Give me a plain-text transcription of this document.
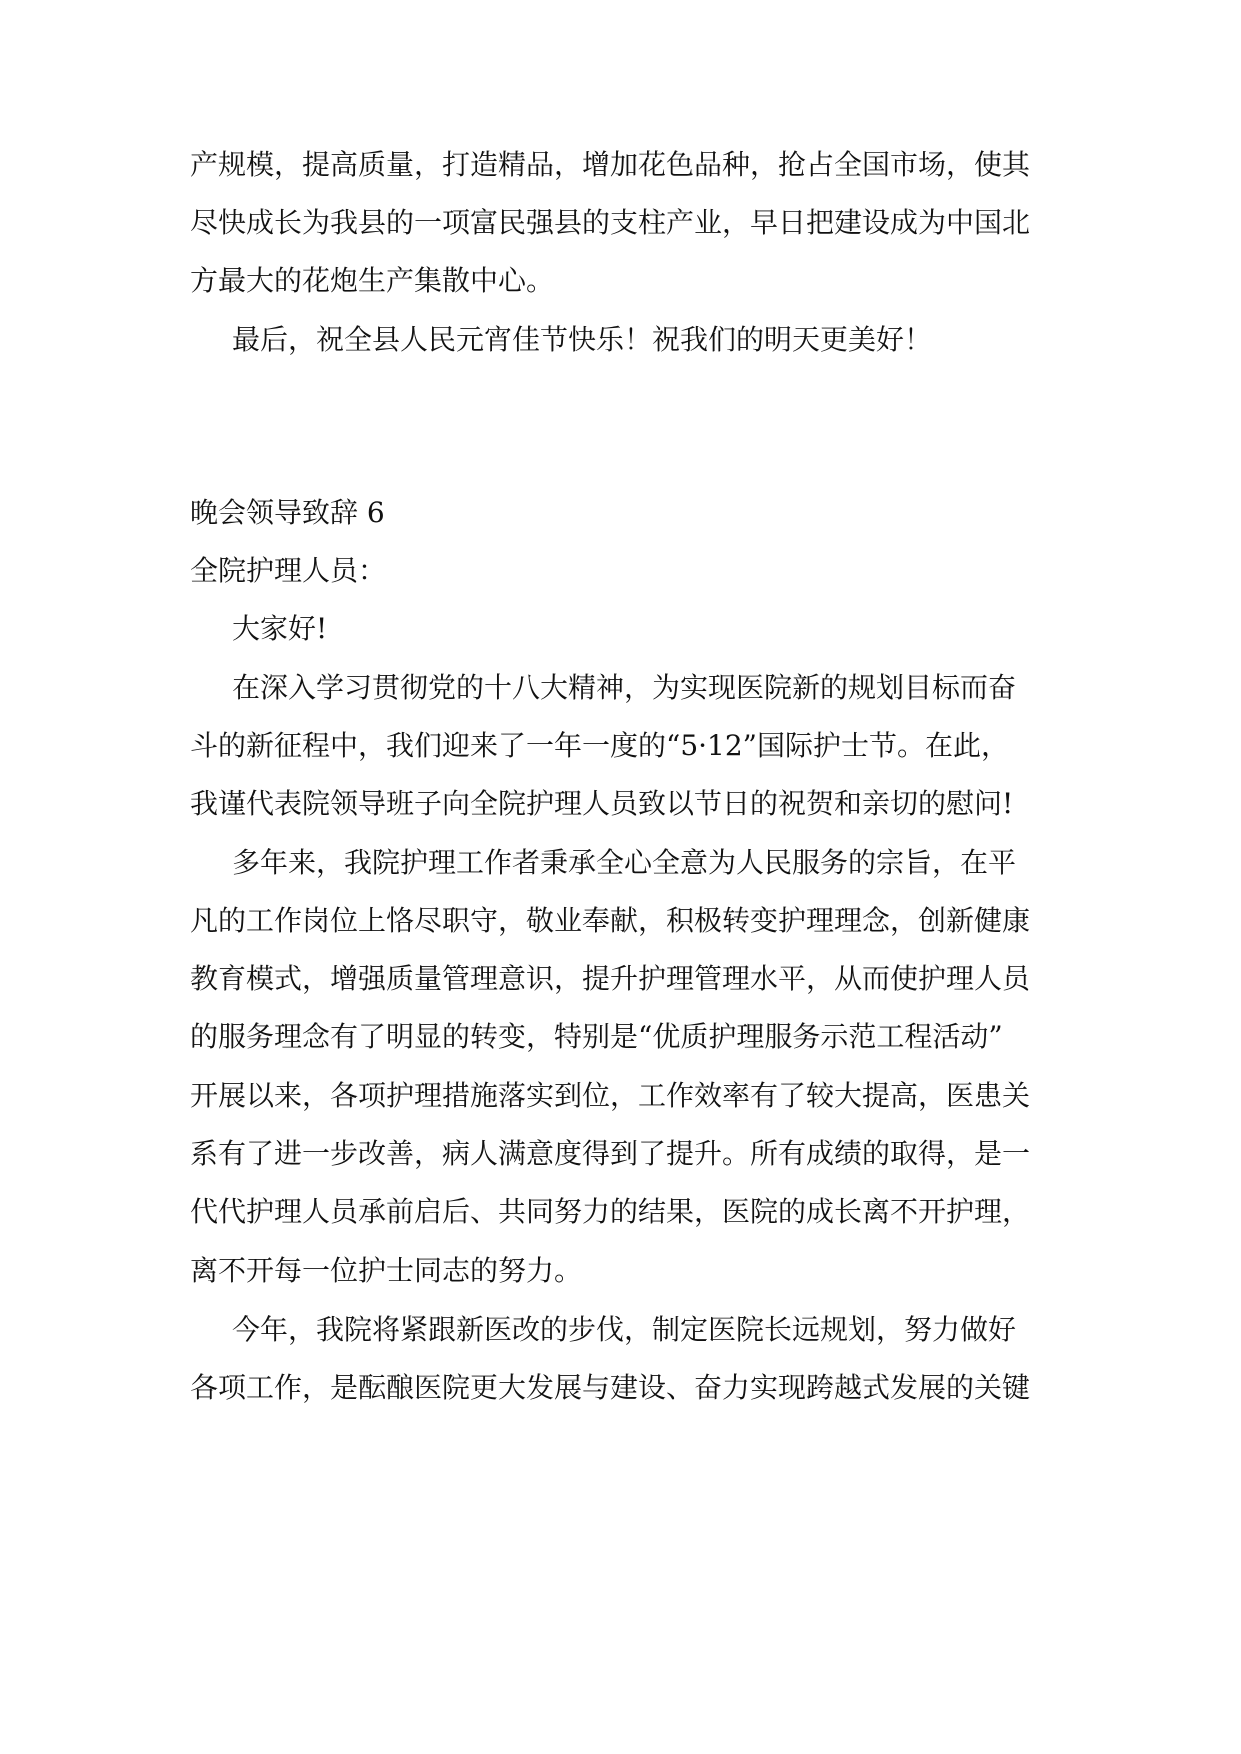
产规模，提高质量，打造精品，增加花色品种，抢占全国市场，使其
尽快成长为我县的一项富民强县的支柱产业，早日把建设成为中国北
方最大的花炮生产集散中心。
最后，祝全县人民元宵佳节快乐！祝我们的明天更美好！
晚会领导致辞 6
全院护理人员：
大家好!
在深入学习贯彻党的十八大精神，为实现医院新的规划目标而奋
斗的新征程中，我们迎来了一年一度的“5·12”国际护士节。在此，
我谨代表院领导班子向全院护理人员致以节日的祝贺和亲切的慰问!
多年来，我院护理工作者秉承全心全意为人民服务的宗旨，在平
凡的工作岗位上恪尽职守，敬业奉献，积极转变护理理念，创新健康
教育模式，增强质量管理意识，提升护理管理水平，从而使护理人员
的服务理念有了明显的转变，特别是“优质护理服务示范工程活动”
开展以来，各项护理措施落实到位，工作效率有了较大提高，医患关
系有了进一步改善，病人满意度得到了提升。所有成绩的取得，是一
代代护理人员承前启后、共同努力的结果，医院的成长离不开护理，
离不开每一位护士同志的努力。
今年，我院将紧跟新医改的步伐，制定医院长远规划，努力做好
各项工作，是酝酿医院更大发展与建设、奋力实现跨越式发展的关键
